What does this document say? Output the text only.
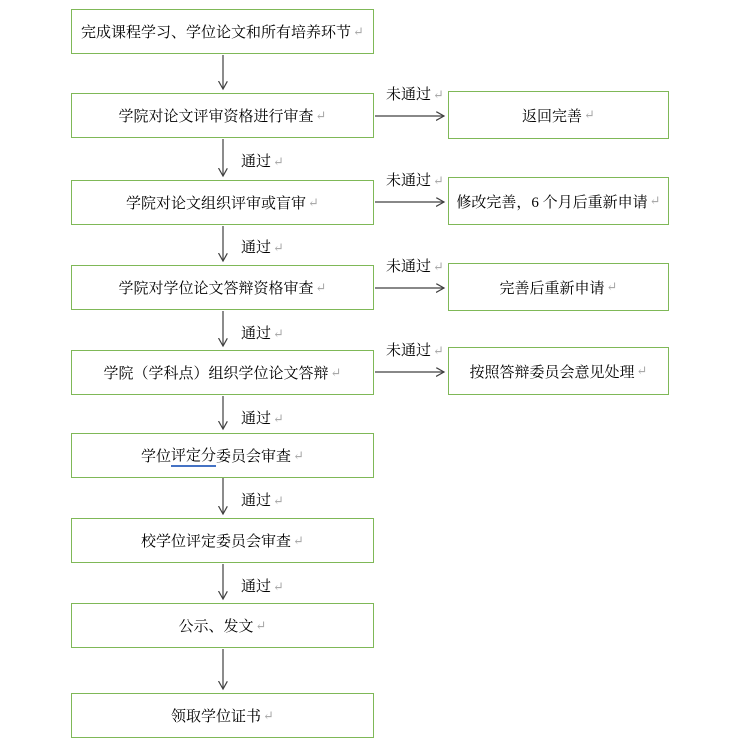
完成课程学习、学位论文和所有培养环节 ↵
学院对论文评审资格进行审查 ↵
学院对论文组织评审或盲审 ↵
学院对学位论文答辩资格审查 ↵
学院（学科点）组织学位论文答辩 ↵
学位 评定分 委员会审查 ↵
校学位评定委员会审查 ↵
公示、发文 ↵
领取学位证书 ↵
返回完善 ↵
修改完善，6 个月后重新申请 ↵
完善后重新申请 ↵
按照答辩委员会意见处理 ↵
通过 ↵
通过 ↵
通过 ↵
通过 ↵
通过 ↵
通过 ↵
未通过 ↵
未通过 ↵
未通过 ↵
未通过 ↵
